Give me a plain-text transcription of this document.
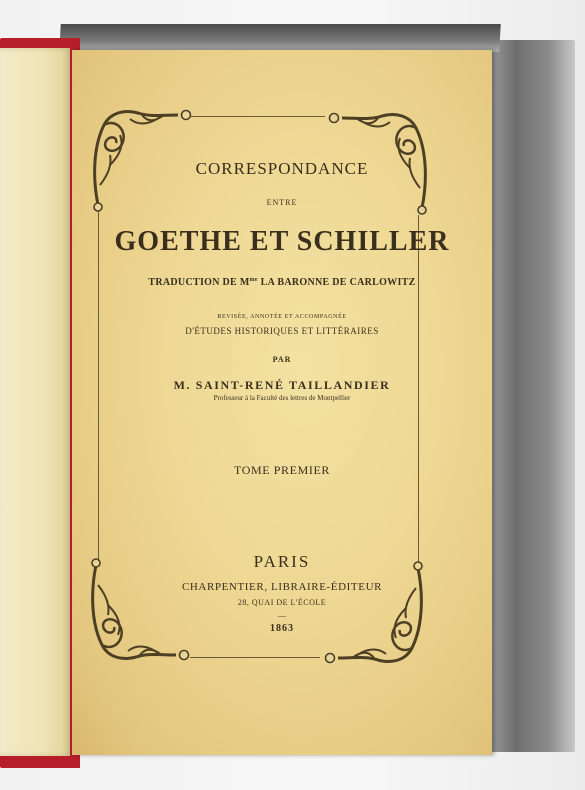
CORRESPONDANCE
ENTRE
GOETHE ET SCHILLER
TRADUCTION DE $M^{me}$ LA BARONNE DE CARLOWITZ
REVISÉE, ANNOTÉE ET ACCOMPAGNÉE
D'ÉTUDES HISTORIQUES ET LITTÉRAIRES
PAR
M. SAINT-RENÉ TAILLANDIER
Professeur à la Faculté des lettres de Montpellier
TOME PREMIER
PARIS
CHARPENTIER, LIBRAIRE-ÉDITEUR
28, QUAI DE L'ÉCOLE
—
1863
